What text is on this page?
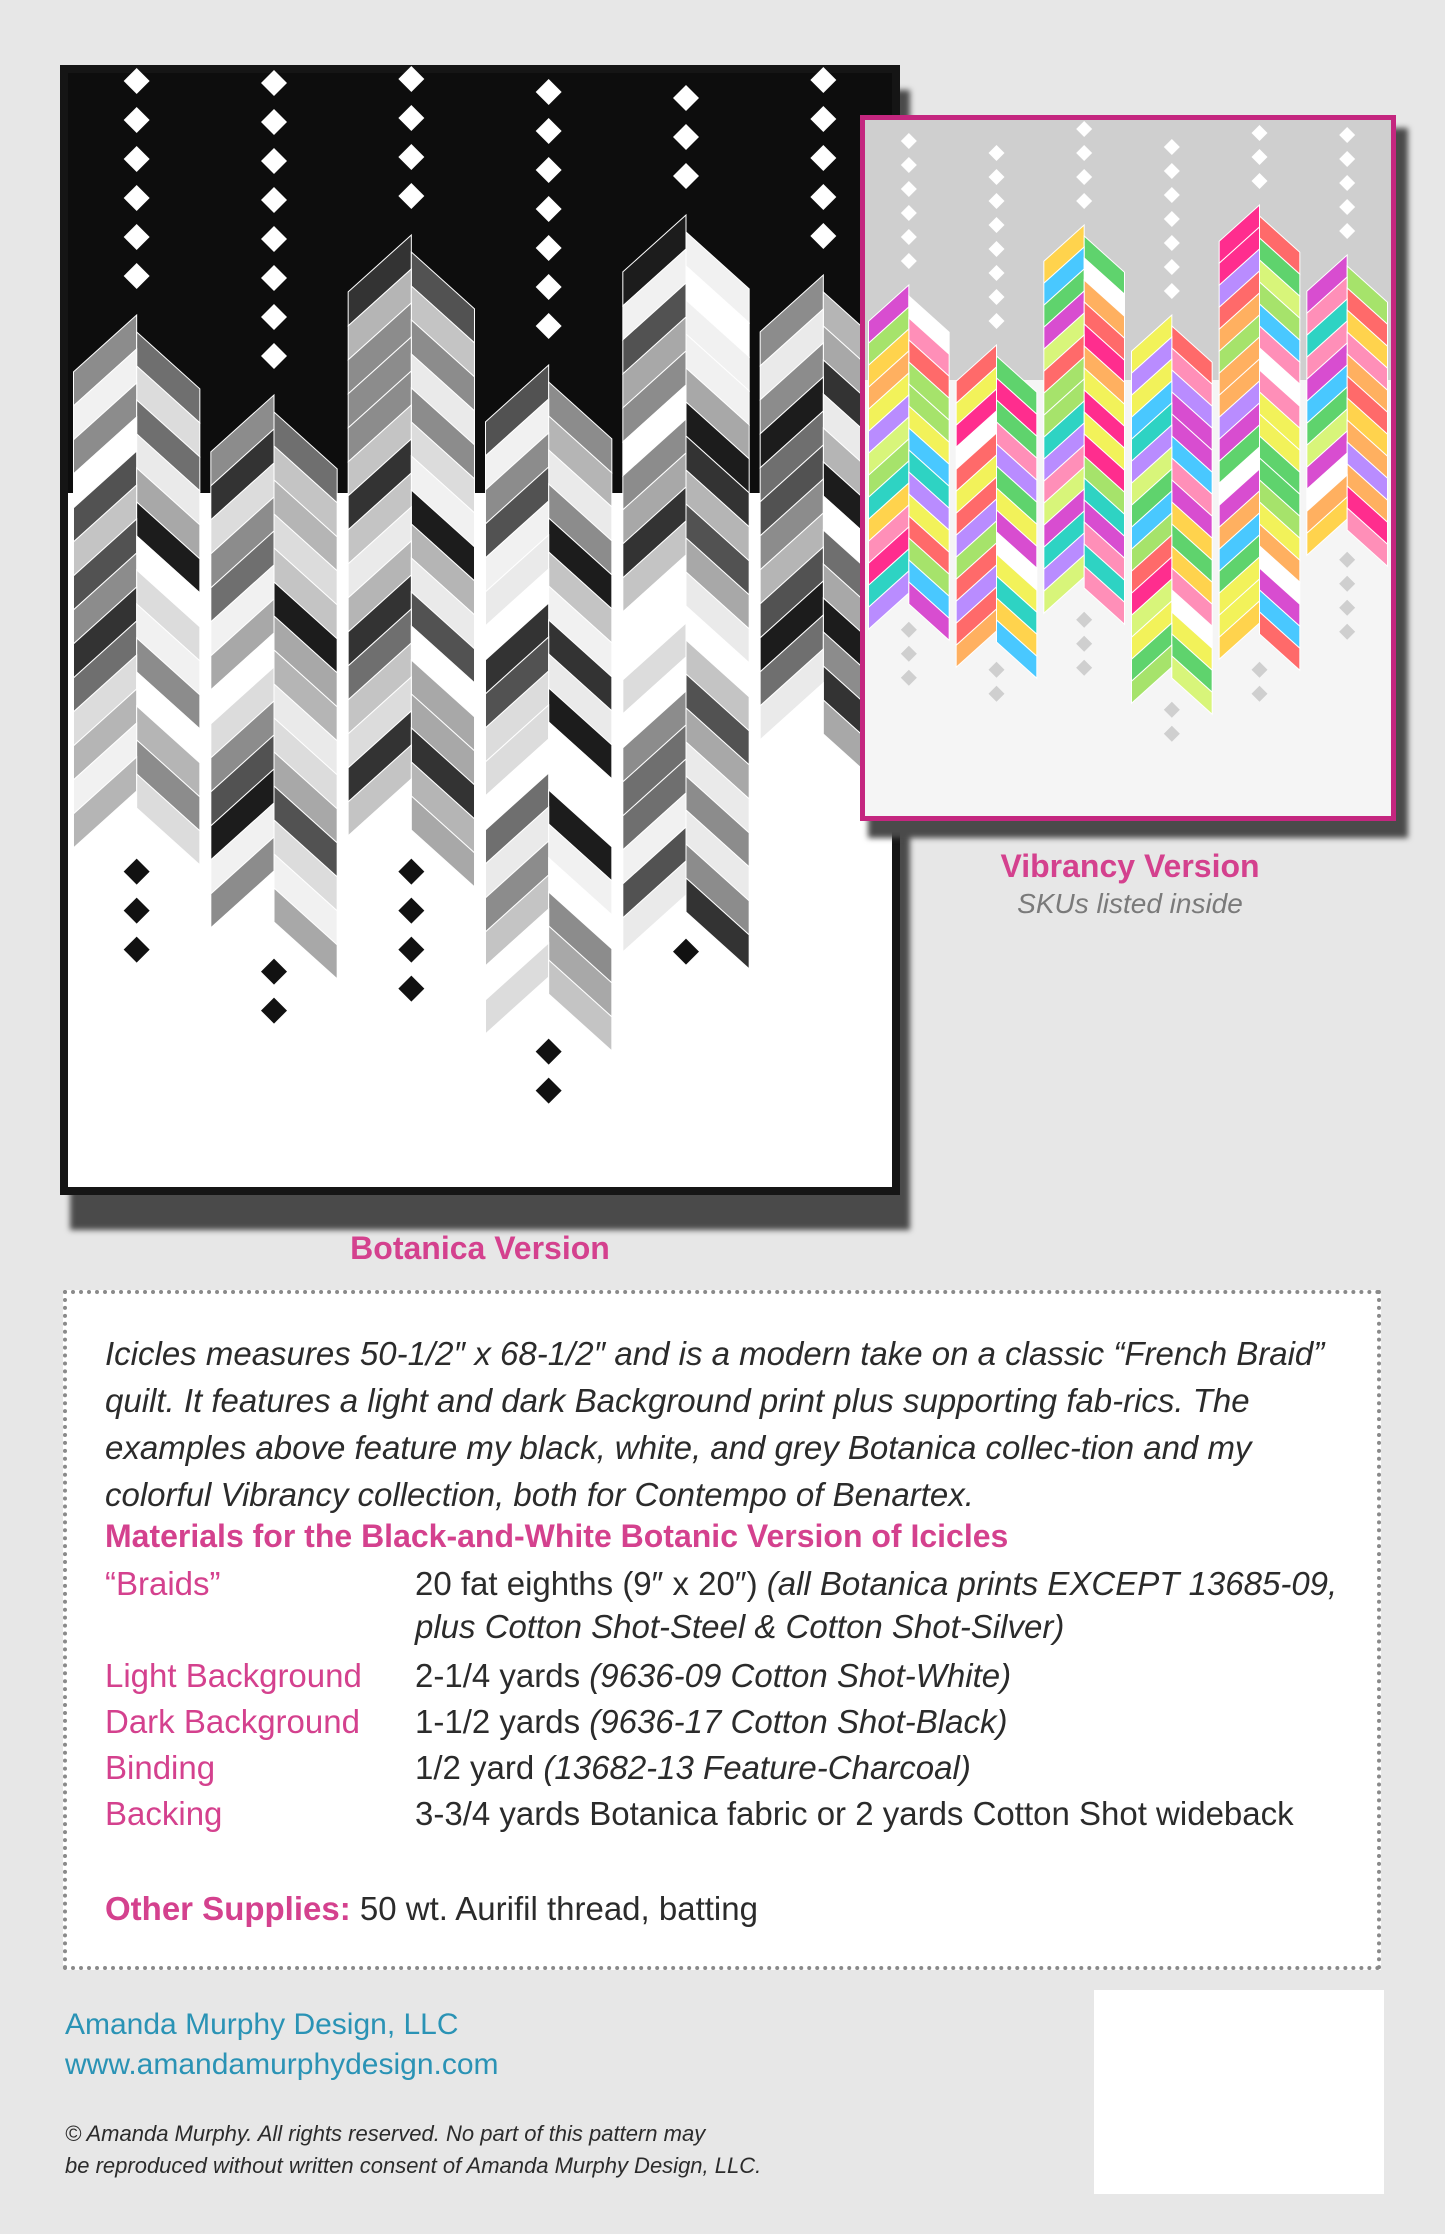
Botanica Version
Vibrancy Version
SKUs listed inside
Icicles measures 50-1/2″ x 68-1/2″ and is a modern take on a classic “French Braid” quilt. It features a light and dark Background print plus supporting fab-rics. The examples above feature my black, white, and grey Botanica collec-tion and my colorful Vibrancy collection, both for Contempo of Benartex.
Materials for the Black-and-White Botanic Version of Icicles
“Braids”	20 fat eighths (9″ x 20″) (all Botanica prints EXCEPT 13685-09, plus Cotton Shot-Steel & Cotton Shot-Silver)
Light Background 2-1/4 yards (9636-09 Cotton Shot-White)
Dark Background 1-1/2 yards (9636-17 Cotton Shot-Black)
Binding	1/2 yard (13682-13 Feature-Charcoal)
Backing	3-3/4 yards Botanica fabric or 2 yards Cotton Shot wideback
Other Supplies: 50 wt. Aurifil thread, batting
Amanda Murphy Design, LLC
www.amandamurphydesign.com
© Amanda Murphy. All rights reserved. No part of this pattern may
be reproduced without written consent of Amanda Murphy Design, LLC.
